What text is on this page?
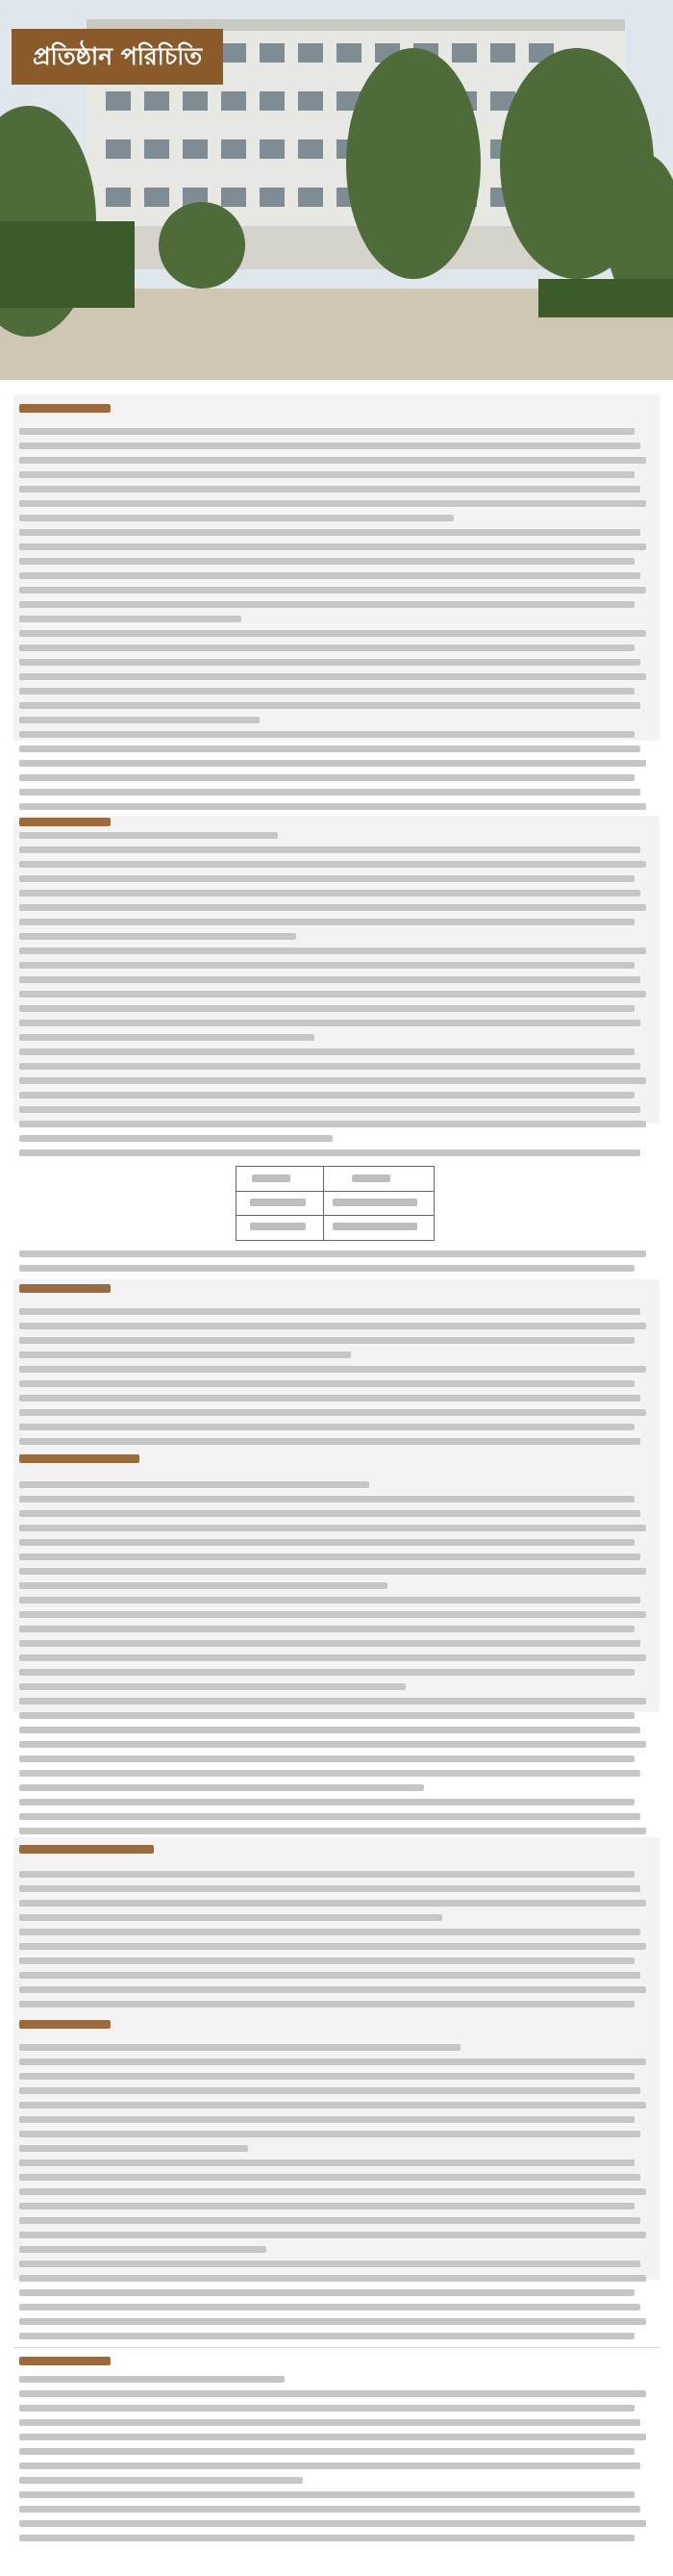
প্রতিষ্ঠান পরিচিতি
